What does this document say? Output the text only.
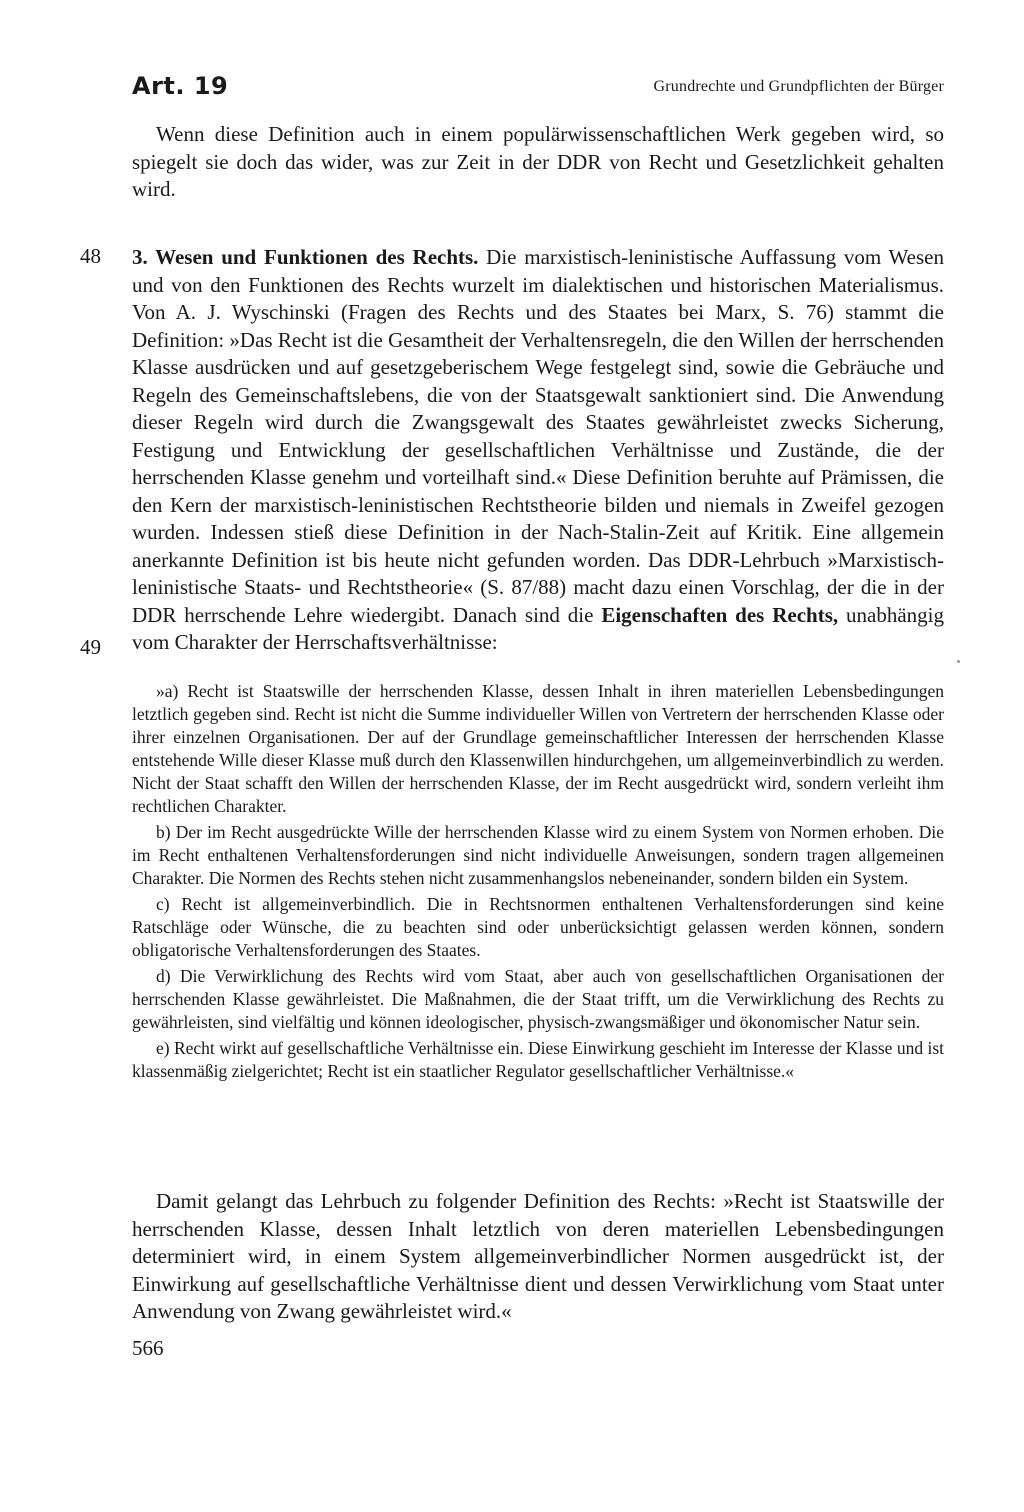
Art. 19	Grundrechte und Grundpflichten der Bürger

Wenn diese Definition auch in einem populärwissenschaftlichen Werk gegeben wird, so spiegelt sie doch das wider, was zur Zeit in der DDR von Recht und Gesetzlichkeit gehalten wird.

48
49

3. Wesen und Funktionen des Rechts. Die marxistisch-leninistische Auffassung vom Wesen und von den Funktionen des Rechts wurzelt im dialektischen und historischen Materialismus. Von A. J. Wyschinski (Fragen des Rechts und des Staates bei Marx, S. 76) stammt die Definition: »Das Recht ist die Gesamtheit der Verhaltensregeln, die den Willen der herrschenden Klasse ausdrücken und auf gesetzgeberischem Wege festgelegt sind, sowie die Gebräuche und Regeln des Gemeinschaftslebens, die von der Staatsgewalt sanktioniert sind. Die Anwendung dieser Regeln wird durch die Zwangsgewalt des Staates gewährleistet zwecks Sicherung, Festigung und Entwicklung der gesellschaftlichen Verhältnisse und Zustände, die der herrschenden Klasse genehm und vorteilhaft sind.« Diese Definition beruhte auf Prämissen, die den Kern der marxistisch-leninistischen Rechtstheorie bilden und niemals in Zweifel gezogen wurden. Indessen stieß diese Definition in der Nach-Stalin-Zeit auf Kritik. Eine allgemein anerkannte Definition ist bis heute nicht gefunden worden. Das DDR-Lehrbuch »Marxistisch-leninistische Staats- und Rechtstheorie« (S. 87/88) macht dazu einen Vorschlag, der die in der DDR herrschende Lehre wiedergibt. Danach sind die Eigenschaften des Rechts, unabhängig vom Charakter der Herrschaftsverhältnisse:

»a) Recht ist Staatswille der herrschenden Klasse, dessen Inhalt in ihren materiellen Lebensbedingungen letztlich gegeben sind. Recht ist nicht die Summe individueller Willen von Vertretern der herrschenden Klasse oder ihrer einzelnen Organisationen. Der auf der Grundlage gemeinschaftlicher Interessen der herrschenden Klasse entstehende Wille dieser Klasse muß durch den Klassenwillen hindurchgehen, um allgemeinverbindlich zu werden. Nicht der Staat schafft den Willen der herrschenden Klasse, der im Recht ausgedrückt wird, sondern verleiht ihm rechtlichen Charakter.

b) Der im Recht ausgedrückte Wille der herrschenden Klasse wird zu einem System von Normen erhoben. Die im Recht enthaltenen Verhaltensforderungen sind nicht individuelle Anweisungen, sondern tragen allgemeinen Charakter. Die Normen des Rechts stehen nicht zusammenhangslos nebeneinander, sondern bilden ein System.

c) Recht ist allgemeinverbindlich. Die in Rechtsnormen enthaltenen Verhaltensforderungen sind keine Ratschläge oder Wünsche, die zu beachten sind oder unberücksichtigt gelassen werden können, sondern obligatorische Verhaltensforderungen des Staates.

d) Die Verwirklichung des Rechts wird vom Staat, aber auch von gesellschaftlichen Organisationen der herrschenden Klasse gewährleistet. Die Maßnahmen, die der Staat trifft, um die Verwirklichung des Rechts zu gewährleisten, sind vielfältig und können ideologischer, physisch-zwangsmäßiger und ökonomischer Natur sein.

e) Recht wirkt auf gesellschaftliche Verhältnisse ein. Diese Einwirkung geschieht im Interesse der Klasse und ist klassenmäßig zielgerichtet; Recht ist ein staatlicher Regulator gesellschaftlicher Verhältnisse.«

Damit gelangt das Lehrbuch zu folgender Definition des Rechts: »Recht ist Staatswille der herrschenden Klasse, dessen Inhalt letztlich von deren materiellen Lebensbedingungen determiniert wird, in einem System allgemeinverbindlicher Normen ausgedrückt ist, der Einwirkung auf gesellschaftliche Verhältnisse dient und dessen Verwirklichung vom Staat unter Anwendung von Zwang gewährleistet wird.«

566
